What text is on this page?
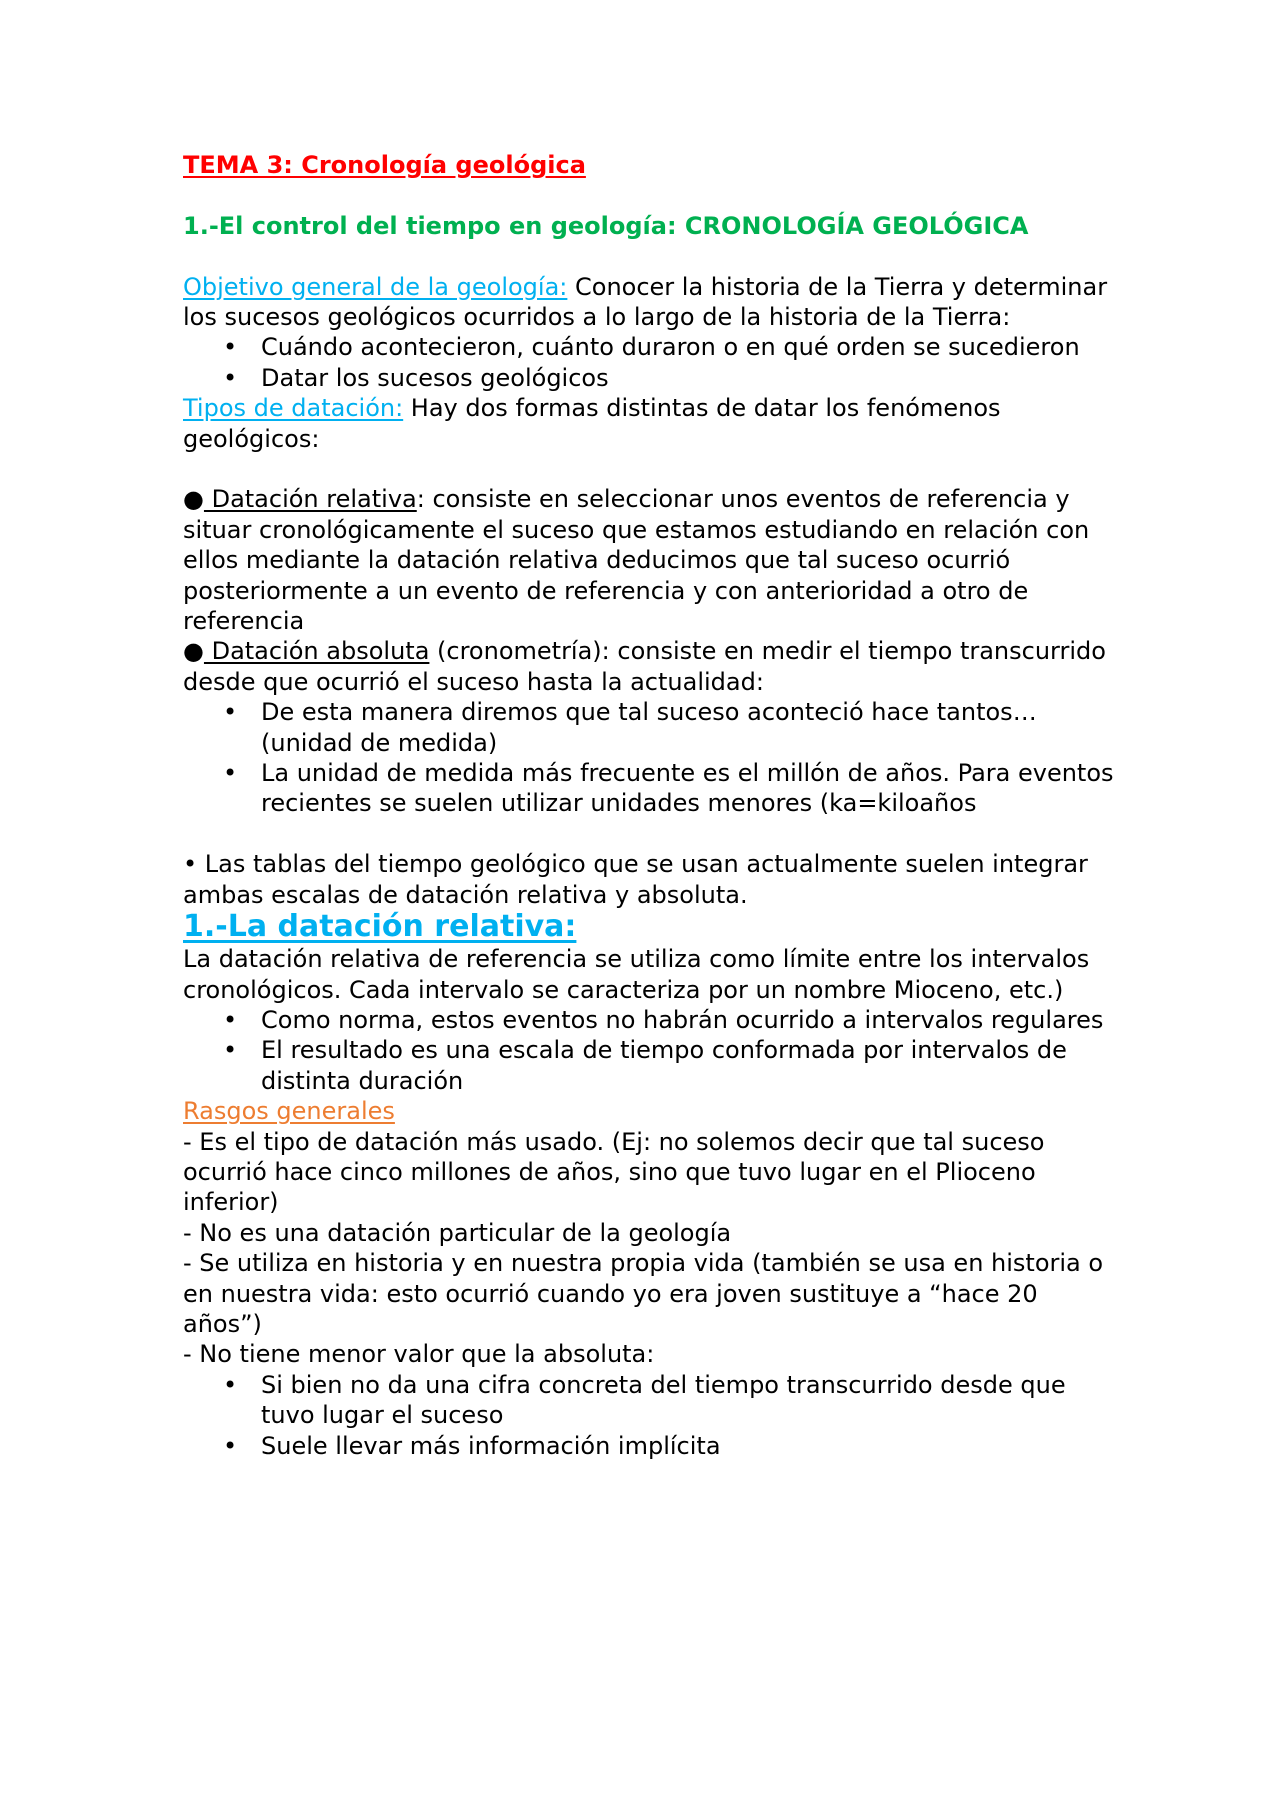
TEMA 3: Cronología geológica

1.-El control del tiempo en geología: CRONOLOGÍA GEOLÓGICA

Objetivo general de la geología: Conocer la historia de la Tierra y determinar los sucesos geológicos ocurridos a lo largo de la historia de la Tierra:

• Cuándo acontecieron, cuánto duraron o en qué orden se sucedieron
• Datar los sucesos geológicos

Tipos de datación: Hay dos formas distintas de datar los fenómenos geológicos:

● Datación relativa: consiste en seleccionar unos eventos de referencia y situar cronológicamente el suceso que estamos estudiando en relación con ellos mediante la datación relativa deducimos que tal suceso ocurrió posteriormente a un evento de referencia y con anterioridad a otro de referencia

● Datación absoluta (cronometría): consiste en medir el tiempo transcurrido desde que ocurrió el suceso hasta la actualidad:

• De esta manera diremos que tal suceso aconteció hace tantos… (unidad de medida)
• La unidad de medida más frecuente es el millón de años. Para eventos recientes se suelen utilizar unidades menores (ka=kiloaños

• Las tablas del tiempo geológico que se usan actualmente suelen integrar ambas escalas de datación relativa y absoluta.

1.-La datación relativa:

La datación relativa de referencia se utiliza como límite entre los intervalos cronológicos. Cada intervalo se caracteriza por un nombre Mioceno, etc.)

• Como norma, estos eventos no habrán ocurrido a intervalos regulares
• El resultado es una escala de tiempo conformada por intervalos de distinta duración

Rasgos generales

- Es el tipo de datación más usado. (Ej: no solemos decir que tal suceso ocurrió hace cinco millones de años, sino que tuvo lugar en el Plioceno inferior)

- No es una datación particular de la geología

- Se utiliza en historia y en nuestra propia vida (también se usa en historia o en nuestra vida: esto ocurrió cuando yo era joven sustituye a “hace 20 años”)

- No tiene menor valor que la absoluta:

• Si bien no da una cifra concreta del tiempo transcurrido desde que tuvo lugar el suceso
• Suele llevar más información implícita
